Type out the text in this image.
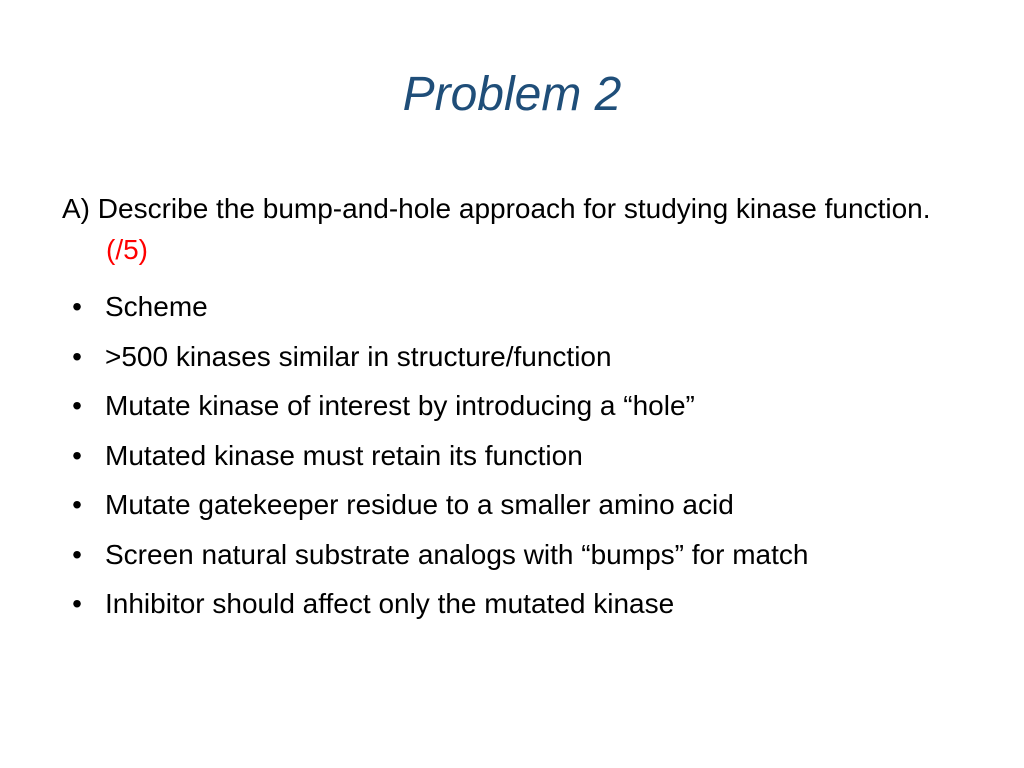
Problem 2
A) Describe the bump-and-hole approach for studying kinase function.(/5)
• Scheme
• >500 kinases similar in structure/function
• Mutate kinase of interest by introducing a “hole”
• Mutated kinase must retain its function
• Mutate gatekeeper residue to a smaller amino acid
• Screen natural substrate analogs with “bumps” for match
• Inhibitor should affect only the mutated kinase
